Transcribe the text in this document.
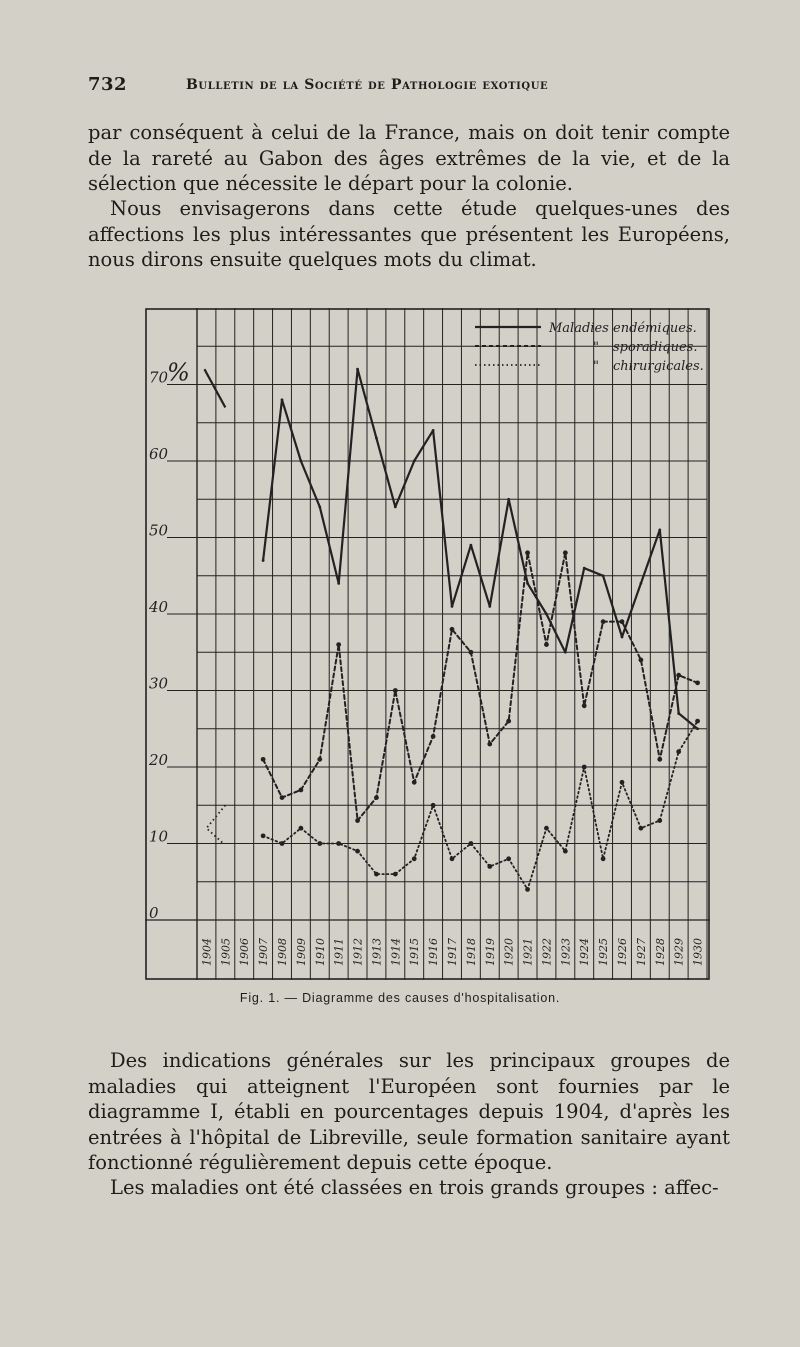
732	Bulletin de la Société de Pathologie exotique
par conséquent à celui de la France, mais on doit tenir compte de la rareté au Gabon des âges extrêmes de la vie, et de la sélection que nécessite le départ pour la colonie.
Nous envisagerons dans cette étude quelques-unes des affections les plus intéressantes que présentent les Européens, nous dirons ensuite quelques mots du climat.
70
60
50
40
30
20
10
0
%
1904 1905 1906 1907 1908 1909 1910 1911 1912 1913 1914 1915 1916 1917 1918 1919 1920 1921 1922 1923 1924 1925 1926 1927 1928 1929 1930
Maladies endémiques.
" sporadiques.
" chirurgicales.
Fig. 1. — Diagramme des causes d'hospitalisation.
Des indications générales sur les principaux groupes de maladies qui atteignent l'Européen sont fournies par le diagramme I, établi en pourcentages depuis 1904, d'après les entrées à l'hôpital de Libreville, seule formation sanitaire ayant fonctionné régulièrement depuis cette époque.
Les maladies ont été classées en trois grands groupes : affec-
